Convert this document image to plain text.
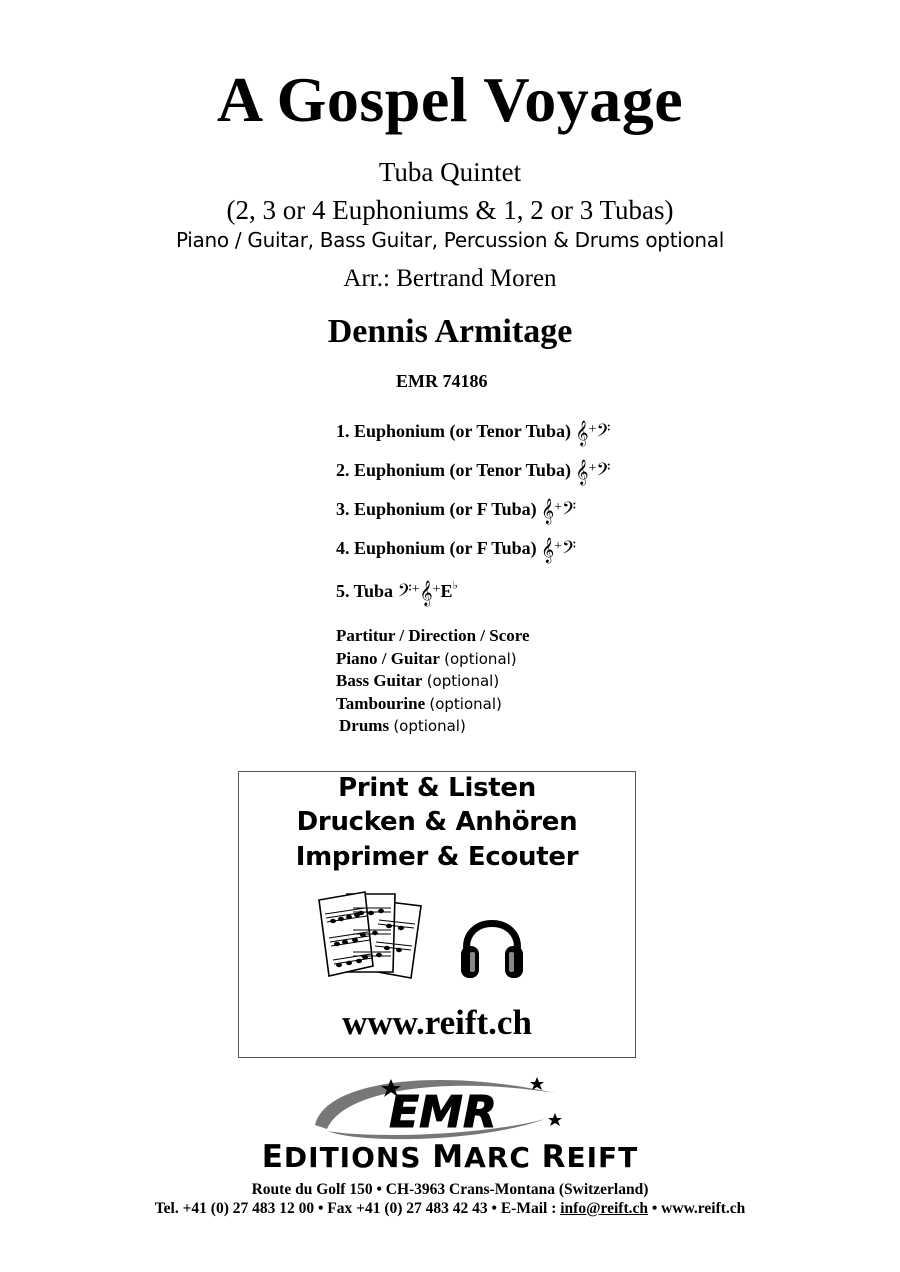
A Gospel Voyage
Tuba Quintet
(2, 3 or 4 Euphoniums & 1, 2 or 3 Tubas)
Piano / Guitar, Bass Guitar, Percussion & Drums optional
Arr.: Bertrand Moren
Dennis Armitage
EMR 74186
1. Euphonium (or Tenor Tuba) 𝄞+𝄢
2. Euphonium (or Tenor Tuba) 𝄞+𝄢
3. Euphonium (or F Tuba) 𝄞+𝄢
4. Euphonium (or F Tuba) 𝄞+𝄢
5. Tuba 𝄢+𝄞+E♭
Partitur / Direction / Score
Piano / Guitar (optional)
Bass Guitar (optional)
Tambourine (optional)
Drums (optional)
Print & Listen
Drucken & Anhören
Imprimer & Ecouter
www.reift.ch
EMR
EDITIONS MARC REIFT
Route du Golf 150 • CH-3963 Crans-Montana (Switzerland)
Tel. +41 (0) 27 483 12 00 • Fax +41 (0) 27 483 42 43 • E-Mail : info@reift.ch • www.reift.ch
